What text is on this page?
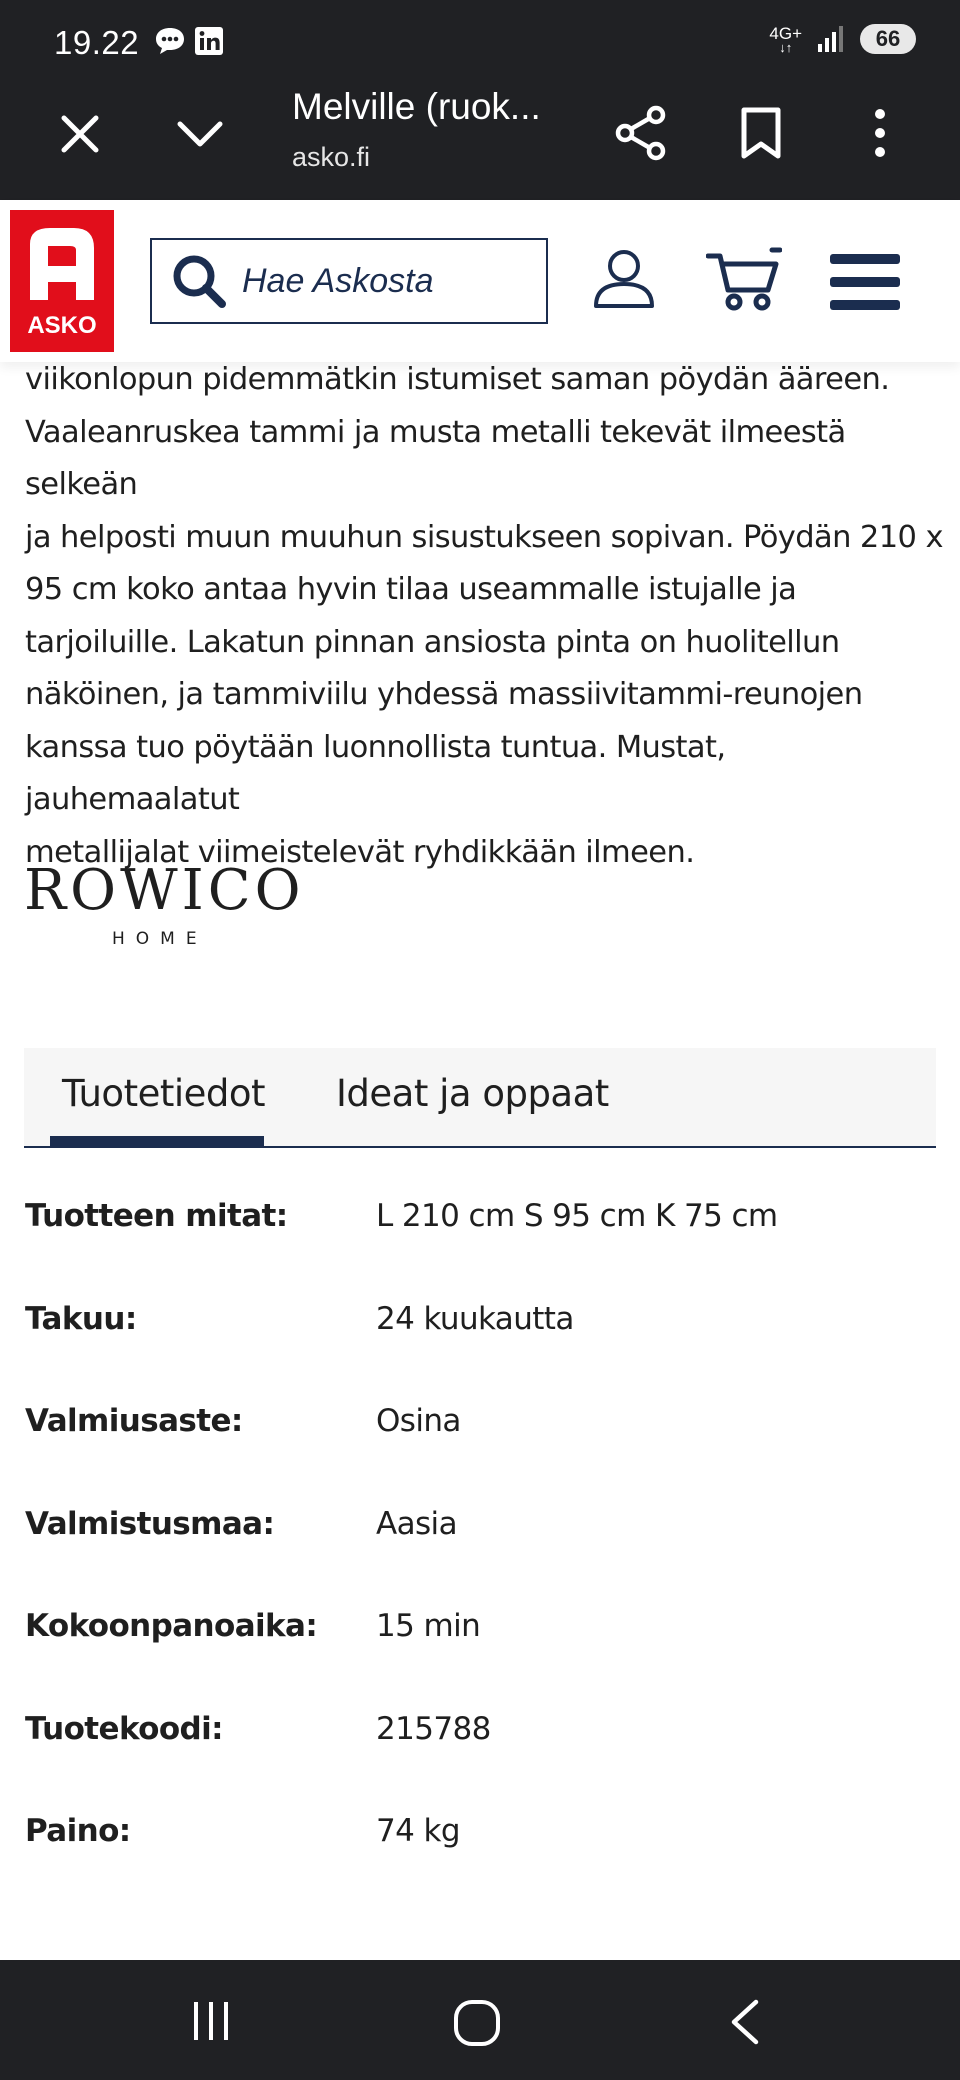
19.22	4G+
↓↑	66
Melville (ruok...
asko.fi
ASKO
Hae Askosta
viikonlopun pidemmätkin istumiset saman pöydän ääreen.
Vaaleanruskea tammi ja musta metalli tekevät ilmeestä selkeän
ja helposti muun muuhun sisustukseen sopivan. Pöydän 210 x
95 cm koko antaa hyvin tilaa useammalle istujalle ja
tarjoiluille. Lakatun pinnan ansiosta pinta on huolitellun
näköinen, ja tammiviilu yhdessä massiivitammi-reunojen
kanssa tuo pöytään luonnollista tuntua. Mustat, jauhemaalatut
metallijalat viimeistelevät ryhdikkään ilmeen.
ROWICO
HOME
Tuotetiedot Ideat ja oppaat
Tuotteen mitat:	L 210 cm S 95 cm K 75 cm
Takuu:	24 kuukautta
Valmiusaste:	Osina
Valmistusmaa:	Aasia
Kokoonpanoaika: 15 min
Tuotekoodi:	215788
Paino:	74 kg
